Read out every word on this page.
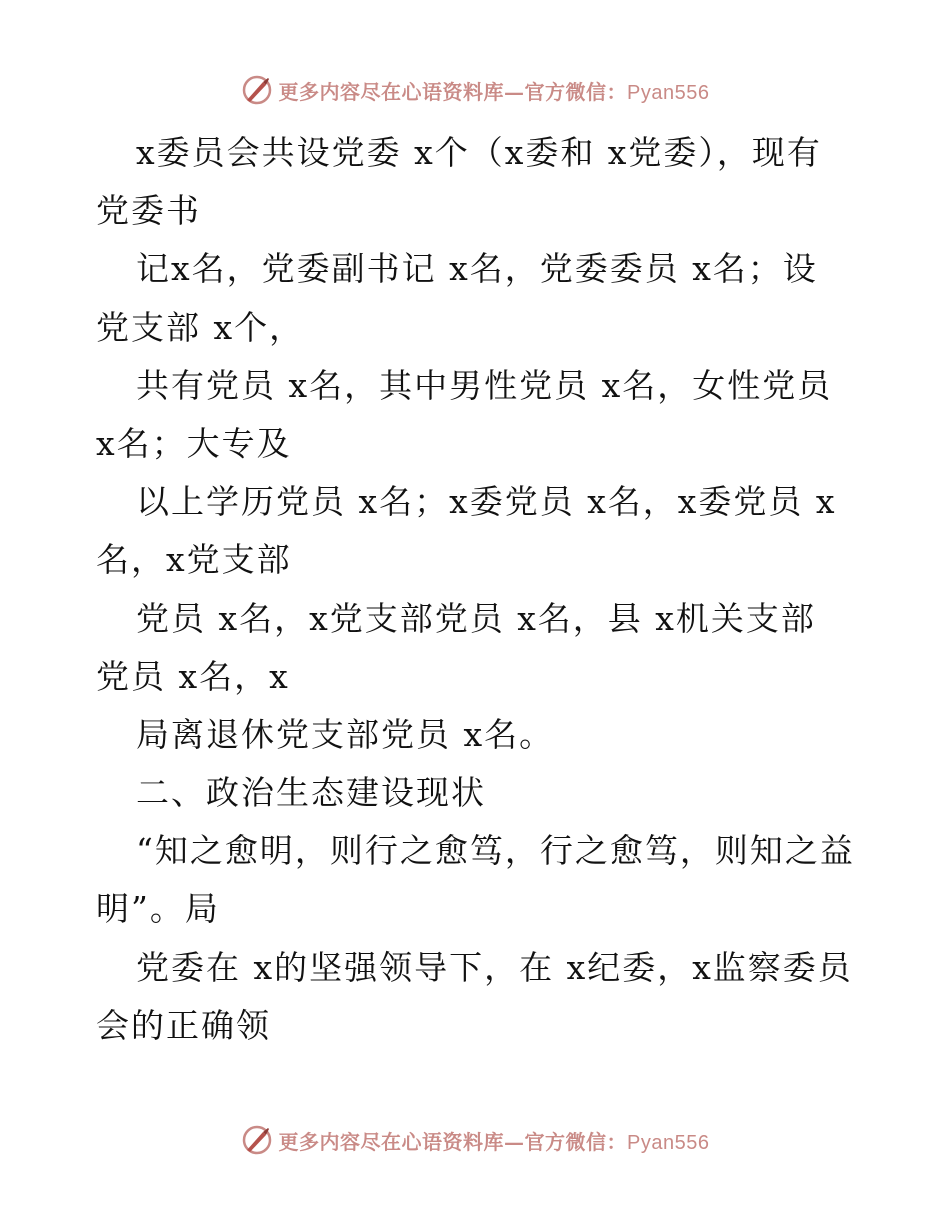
更多内容尽在心语资料库—官方微信：Pyan556
x委员会共设党委 x个（x委和 x党委），现有
党委书
记x名，党委副书记 x名，党委委员 x名；设
党支部 x个，
共有党员 x名，其中男性党员 x名，女性党员
x名；大专及
以上学历党员 x名；x委党员 x名，x委党员 x
名，x党支部
党员 x名，x党支部党员 x名，县 x机关支部
党员 x名，x
局离退休党支部党员 x名。
二、政治生态建设现状
“知之愈明，则行之愈笃，行之愈笃，则知之益
明”。局
党委在 x的坚强领导下，在 x纪委，x监察委员
会的正确领
更多内容尽在心语资料库—官方微信：Pyan556
